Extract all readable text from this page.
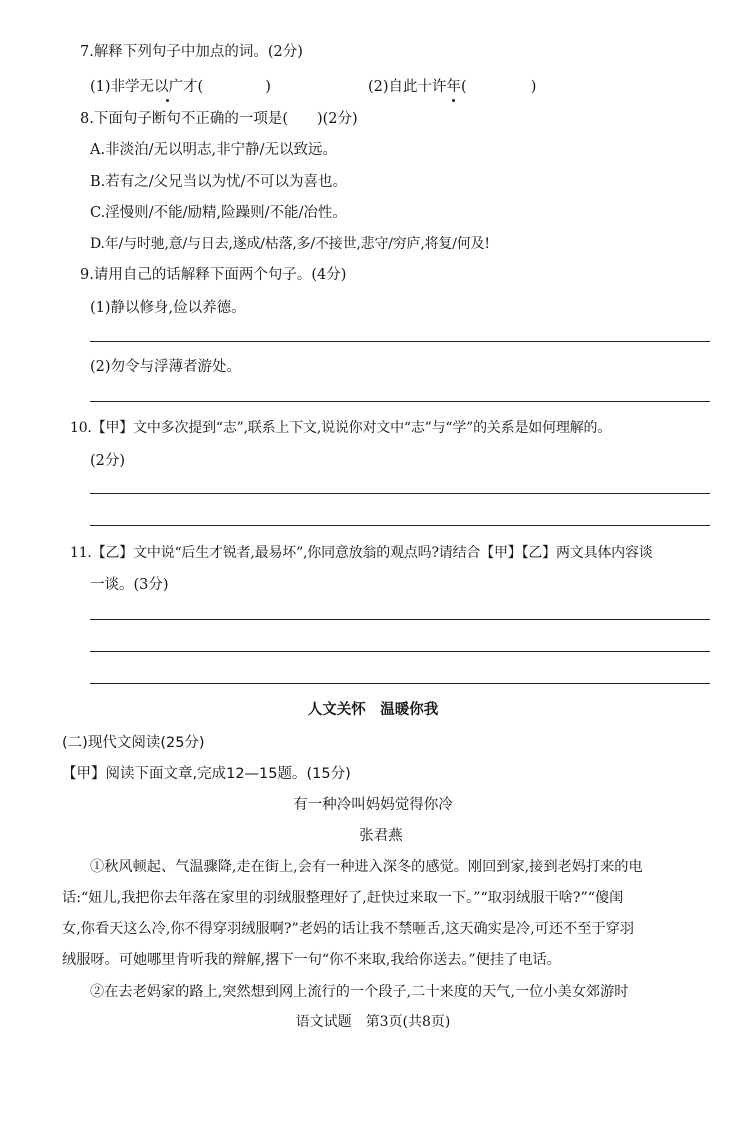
7.解释下列句子中加点的词。(2分)
(1)非学无以广才(	)	(2)自此十许年(	)
8.下面句子断句不正确的一项是(　　)(2分)
A.非淡泊/无以明志,非宁静/无以致远。
B.若有之/父兄当以为忧/不可以为喜也。
C.淫慢则/不能/励精,险躁则/不能/冶性。
D.年/与时驰,意/与日去,遂成/枯落,多/不接世,悲守/穷庐,将复/何及!
9.请用自己的话解释下面两个句子。(4分)
(1)静以修身,俭以养德。
(2)勿令与浮薄者游处。
10.【甲】文中多次提到“志”,联系上下文,说说你对文中“志”与“学”的关系是如何理解的。
(2分)
11.【乙】文中说“后生才锐者,最易坏”,你同意放翁的观点吗?请结合【甲】【乙】两文具体内容谈
一谈。(3分)
人文关怀　温暖你我
(二)现代文阅读(25分)
【甲】阅读下面文章,完成12—15题。(15分)
有一种冷叫妈妈觉得你冷
张君燕
①秋风顿起、气温骤降,走在街上,会有一种进入深冬的感觉。刚回到家,接到老妈打来的电
话:“妞儿,我把你去年落在家里的羽绒服整理好了,赶快过来取一下。”“取羽绒服干啥?”“傻闺
女,你看天这么冷,你不得穿羽绒服啊?”老妈的话让我不禁咂舌,这天确实是冷,可还不至于穿羽
绒服呀。可她哪里肯听我的辩解,撂下一句“你不来取,我给你送去。”便挂了电话。
②在去老妈家的路上,突然想到网上流行的一个段子,二十来度的天气,一位小美女郊游时
语文试题　第3页(共8页)
